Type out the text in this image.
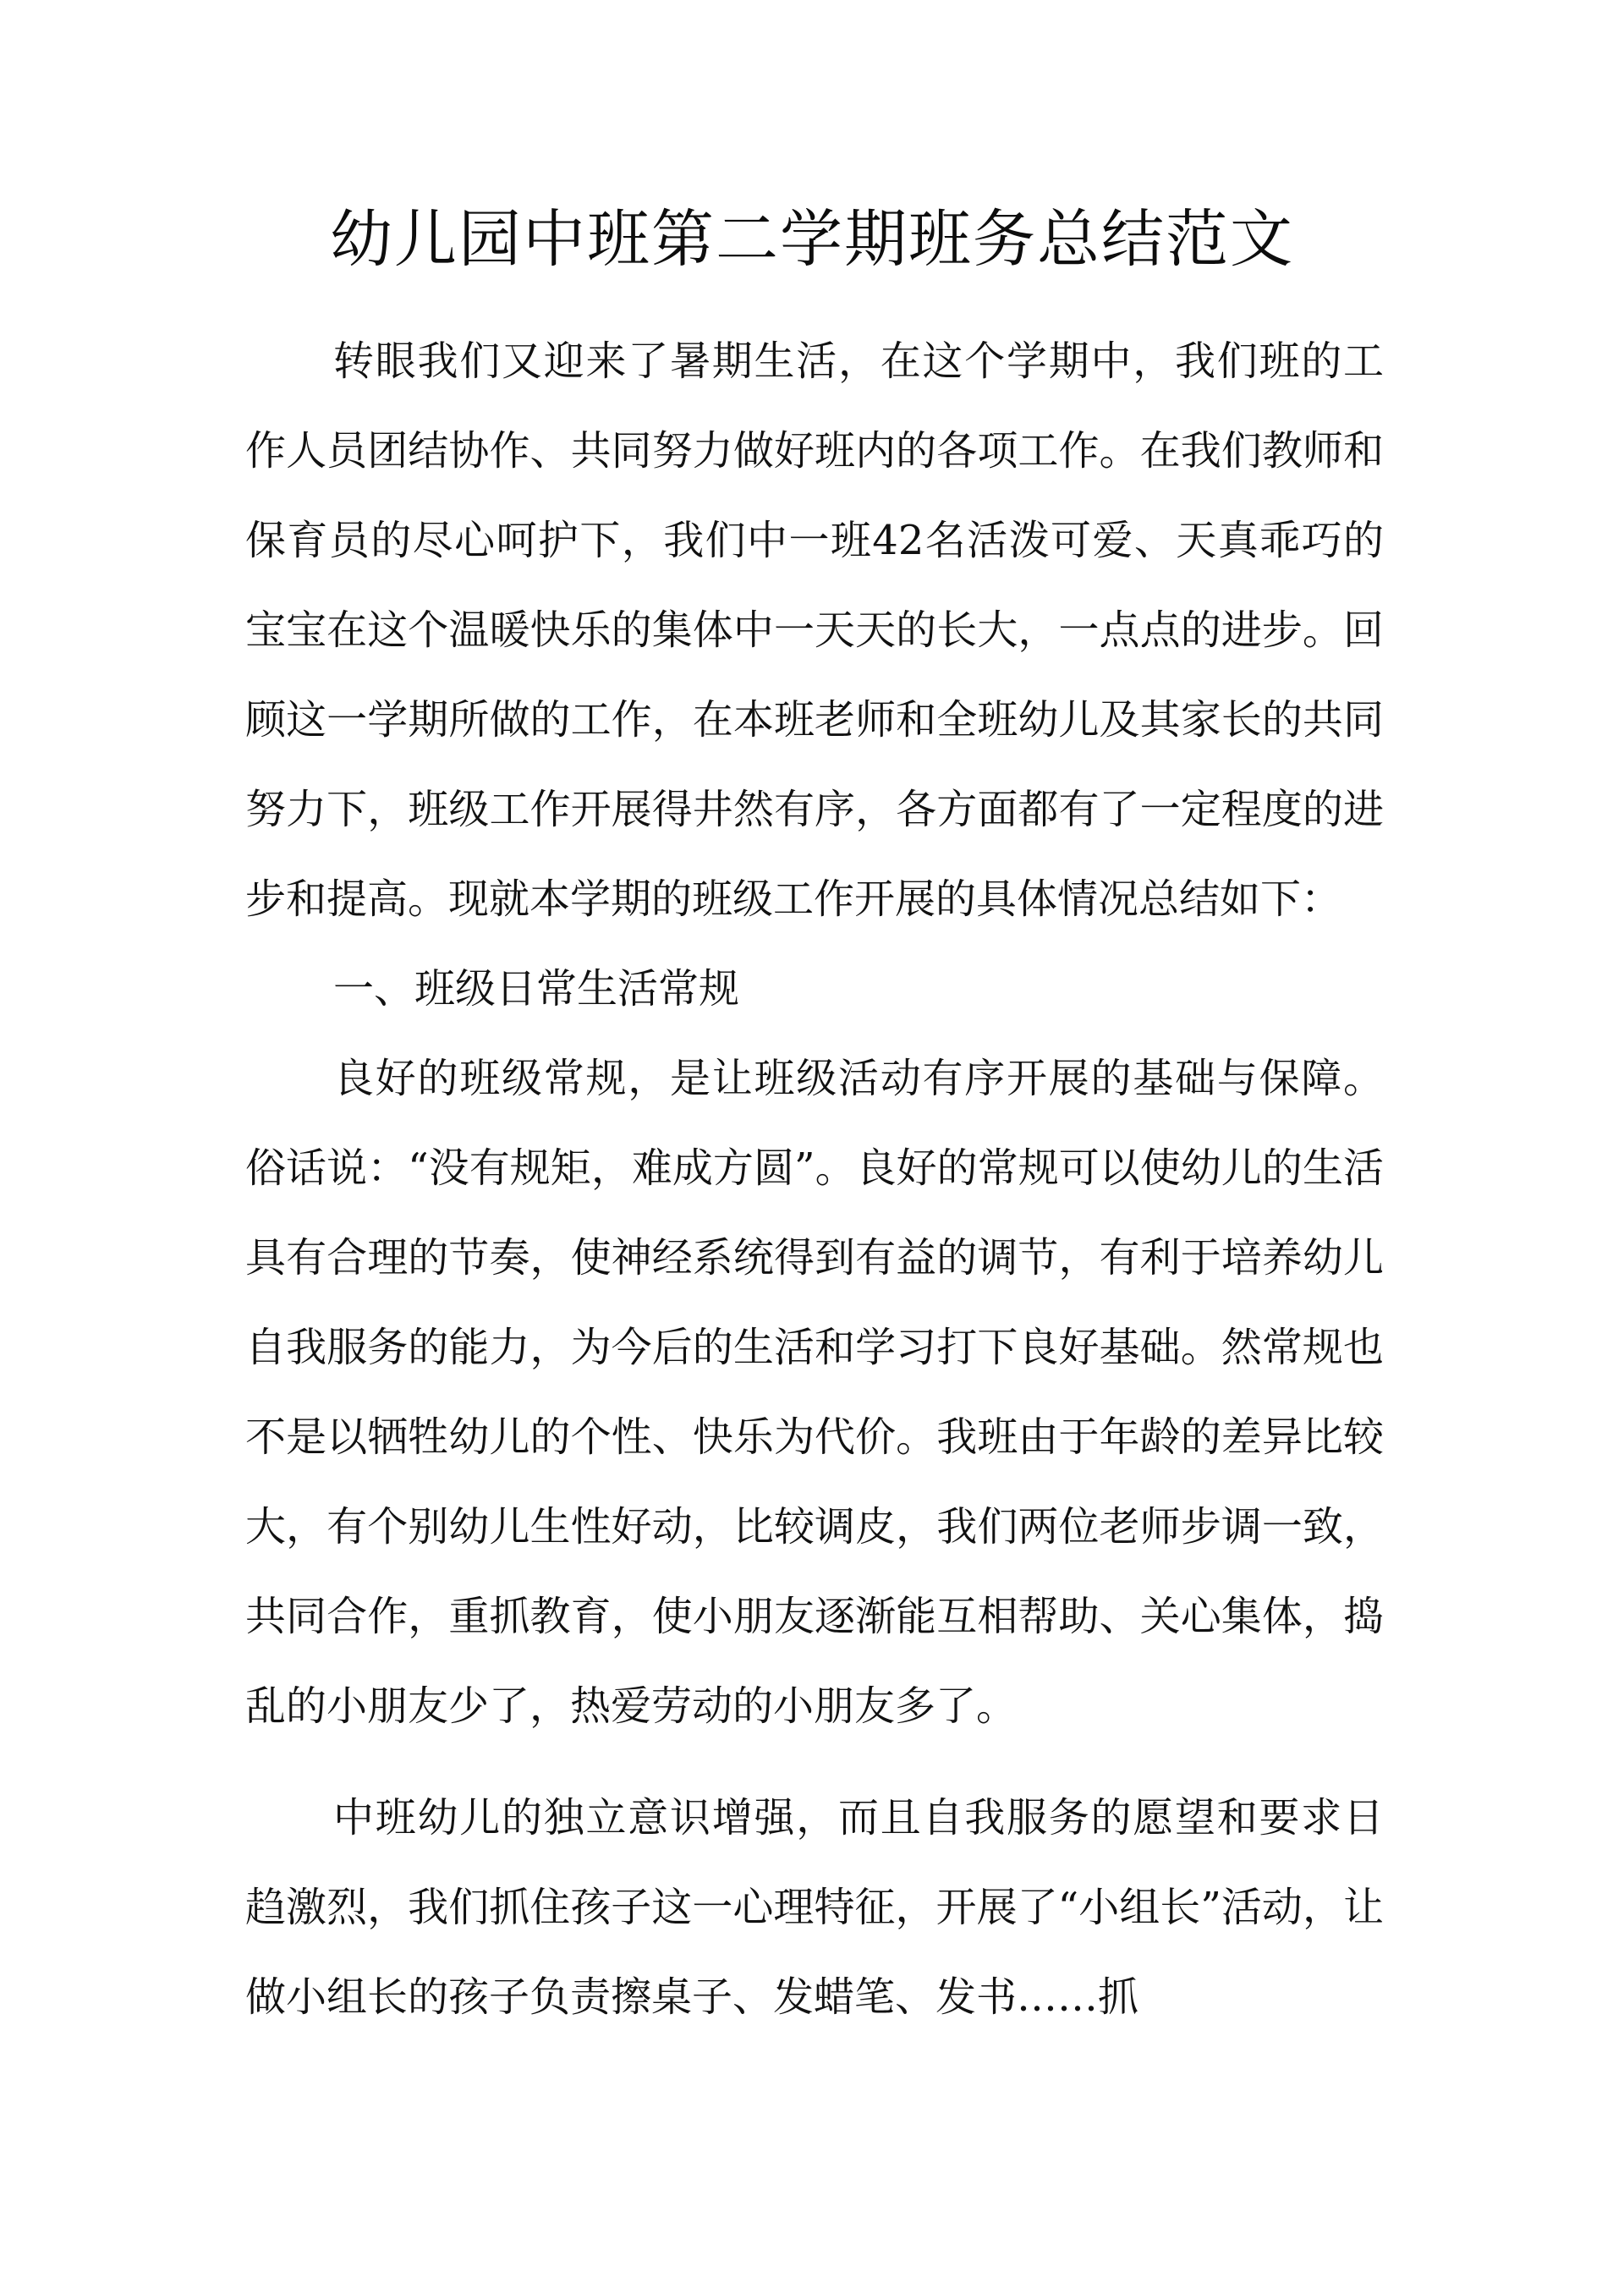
幼儿园中班第二学期班务总结范文

转眼我们又迎来了暑期生活，在这个学期中，我们班的工作人员团结协作、共同努力做好班内的各项工作。在我们教师和保育员的尽心呵护下，我们中一班42名活泼可爱、天真乖巧的宝宝在这个温暖快乐的集体中一天天的长大，一点点的进步。回顾这一学期所做的工作，在本班老师和全班幼儿及其家长的共同努力下，班级工作开展得井然有序，各方面都有了一定程度的进步和提高。现就本学期的班级工作开展的具体情况总结如下：

一、班级日常生活常规

良好的班级常规，是让班级活动有序开展的基础与保障。俗话说：“没有规矩，难成方圆”。良好的常规可以使幼儿的生活具有合理的节奏，使神经系统得到有益的调节，有利于培养幼儿自我服务的能力，为今后的生活和学习打下良好基础。然常规也不是以牺牲幼儿的个性、快乐为代价。我班由于年龄的差异比较大，有个别幼儿生性好动，比较调皮，我们两位老师步调一致，共同合作，重抓教育，使小朋友逐渐能互相帮助、关心集体，捣乱的小朋友少了，热爱劳动的小朋友多了。

中班幼儿的独立意识增强，而且自我服务的愿望和要求日趋激烈，我们抓住孩子这一心理特征，开展了“小组长”活动，让做小组长的孩子负责擦桌子、发蜡笔、发书……抓
